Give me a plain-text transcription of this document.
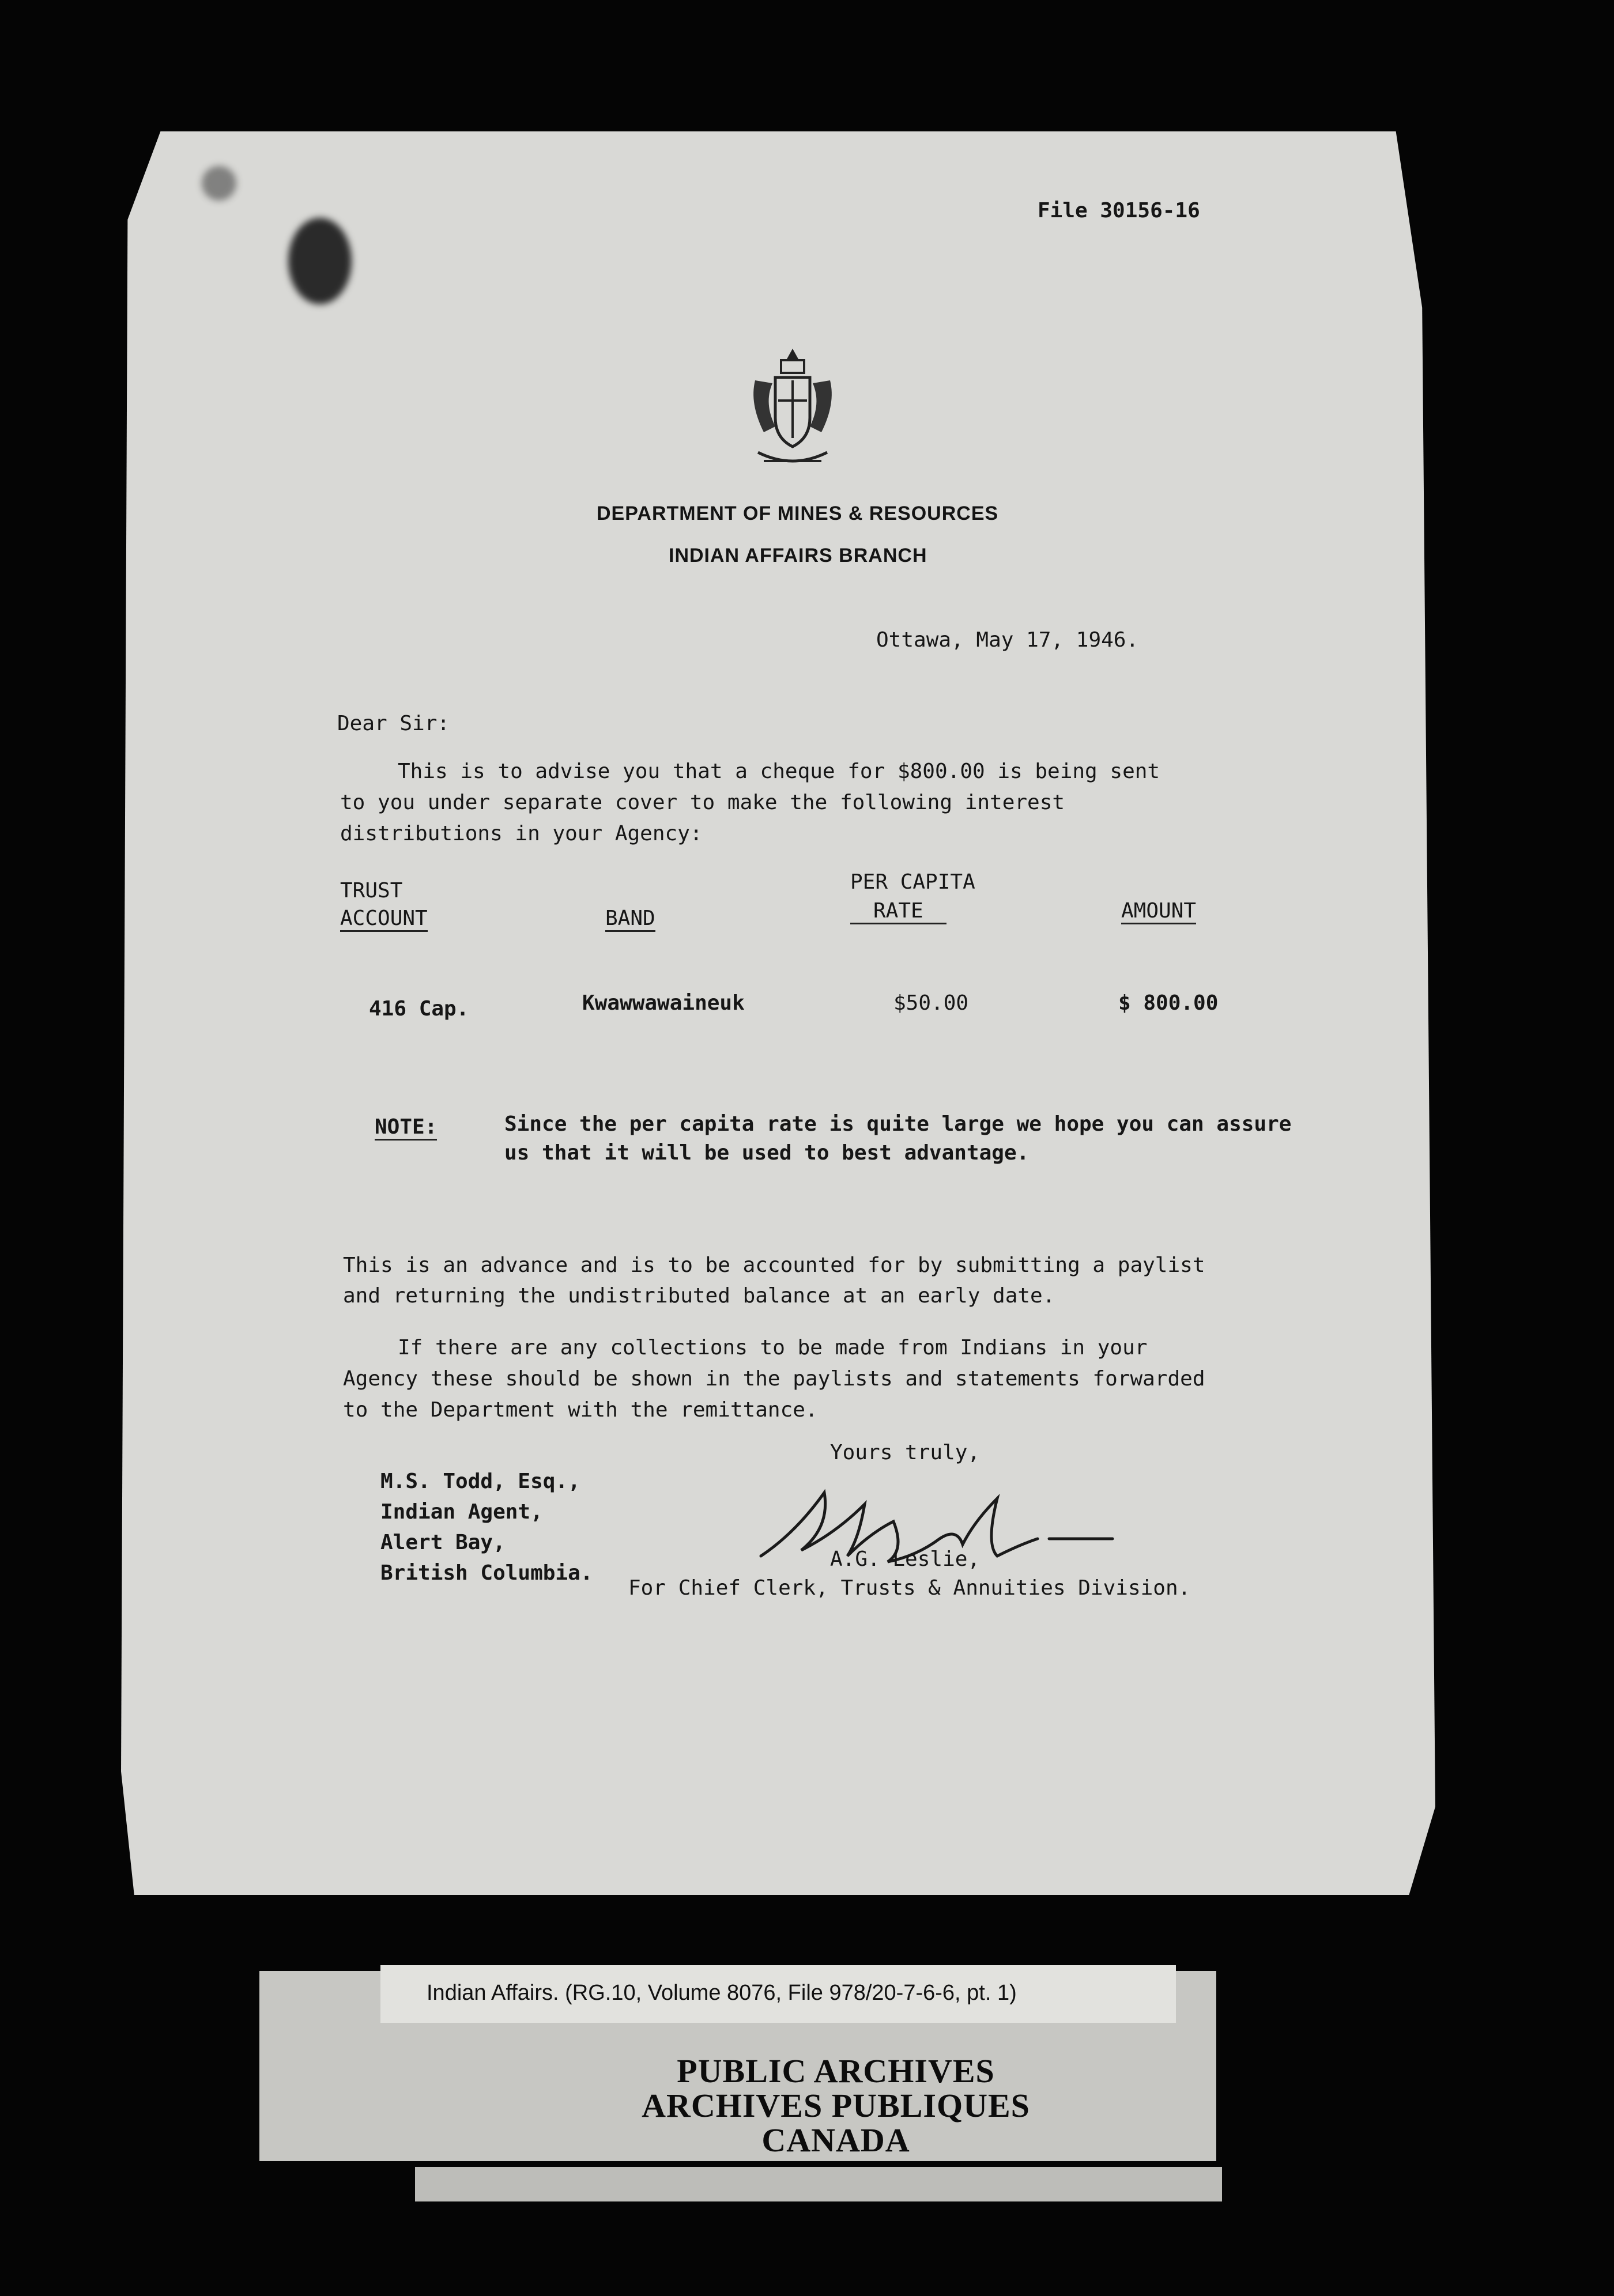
File 30156-16
DEPARTMENT OF MINES & RESOURCES
INDIAN AFFAIRS BRANCH
Ottawa, May 17, 1946.
Dear Sir:
This is to advise you that a cheque for $800.00 is being sent
to you under separate cover to make the following interest
distributions in your Agency:
TRUST
ACCOUNT	BAND
PER CAPITA
RATE	AMOUNT
416 Cap.	Kwawwawaineuk	$50.00	$ 800.00
NOTE:	Since the per capita rate is quite large we hope you can assure
us that it will be used to best advantage.
This is an advance and is to be accounted for by submitting a paylist
and returning the undistributed balance at an early date.
If there are any collections to be made from Indians in your
Agency these should be shown in the paylists and statements forwarded
to the Department with the remittance.
Yours truly,
M.S. Todd, Esq.,
Indian Agent,
Alert Bay,
British Columbia.
A.G. Leslie,
For Chief Clerk, Trusts & Annuities Division.
Indian Affairs. (RG.10, Volume 8076, File 978/20-7-6-6, pt. 1)
PUBLIC ARCHIVES
ARCHIVES PUBLIQUES
CANADA
